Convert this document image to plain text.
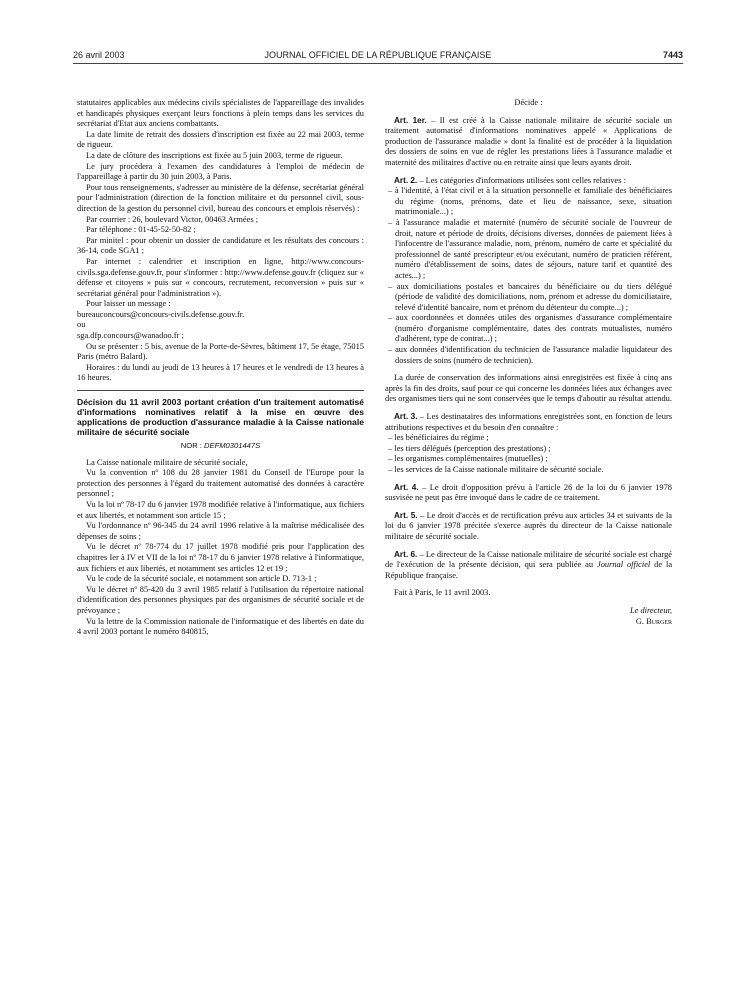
26 avril 2003	JOURNAL OFFICIEL DE LA RÉPUBLIQUE FRANÇAISE	7443

statutaires applicables aux médecins civils spécialistes de l'appareillage des invalides et handicapés physiques exerçant leurs fonctions à plein temps dans les services du secrétariat d'Etat aux anciens combattants.

La date limite de retrait des dossiers d'inscription est fixée au 22 mai 2003, terme de rigueur.

La date de clôture des inscriptions est fixée au 5 juin 2003, terme de rigueur.

Le jury procédera à l'examen des candidatures à l'emploi de médecin de l'appareillage à partir du 30 juin 2003, à Paris.

Pour tous renseignements, s'adresser au ministère de la défense, secrétariat général pour l'administration (direction de la fonction militaire et du personnel civil, sous-direction de la gestion du personnel civil, bureau des concours et emplois réservés) :

Par courrier : 26, boulevard Victor, 00463 Armées ;

Par téléphone : 01-45-52-50-82 ;

Par minitel : pour obtenir un dossier de candidature et les résultats des concours : 36-14, code SGA1 ;

Par internet : calendrier et inscription en ligne, http://www.concours-civils.sga.defense.gouv.fr, pour s'informer : http://www.defense.gouv.fr (cliquez sur « défense et citoyens » puis sur « concours, recrutement, reconversion » puis sur « secrétariat général pour l'administration »).

Pour laisser un message :

bureauconcours@concours-civils.defense.gouv.fr.

ou

sga.dfp.concours@wanadoo.fr ;

Ou se présenter : 5 bis, avenue de la Porte-de-Sèvres, bâtiment 17, 5e étage, 75015 Paris (métro Balard).

Horaires : du lundi au jeudi de 13 heures à 17 heures et le vendredi de 13 heures à 16 heures.

Décision du 11 avril 2003 portant création d'un traitement automatisé d'informations nominatives relatif à la mise en œuvre des applications de production d'assurance maladie à la Caisse nationale militaire de sécurité sociale

NOR : DEFM0301447S

La Caisse nationale militaire de sécurité sociale,

Vu la convention nº 108 du 28 janvier 1981 du Conseil de l'Europe pour la protection des personnes à l'égard du traitement automatisé des données à caractère personnel ;

Vu la loi nº 78-17 du 6 janvier 1978 modifiée relative à l'informatique, aux fichiers et aux libertés, et notamment son article 15 ;

Vu l'ordonnance nº 96-345 du 24 avril 1996 relative à la maîtrise médicalisée des dépenses de soins ;

Vu le décret nº 78-774 du 17 juillet 1978 modifié pris pour l'application des chapitres Ier à IV et VII de la loi nº 78-17 du 6 janvier 1978 relative à l'informatique, aux fichiers et aux libertés, et notamment ses articles 12 et 19 ;

Vu le code de la sécurité sociale, et notamment son article D. 713-1 ;

Vu le décret nº 85-420 du 3 avril 1985 relatif à l'utilisation du répertoire national d'identification des personnes physiques par des organismes de sécurité sociale et de prévoyance ;

Vu la lettre de la Commission nationale de l'informatique et des libertés en date du 4 avril 2003 portant le numéro 840815,

Décide :

Art. 1er. – Il est créé à la Caisse nationale militaire de sécurité sociale un traitement automatisé d'informations nominatives appelé « Applications de production de l'assurance maladie » dont la finalité est de procéder à la liquidation des dossiers de soins en vue de régler les prestations liées à l'assurance maladie et maternité des militaires d'active ou en retraite ainsi que leurs ayants droit.

Art. 2. – Les catégories d'informations utilisées sont celles relatives :

– à l'identité, à l'état civil et à la situation personnelle et familiale des bénéficiaires du régime (noms, prénoms, date et lieu de naissance, sexe, situation matrimoniale...) ;
– à l'assurance maladie et maternité (numéro de sécurité sociale de l'ouvreur de droit, nature et période de droits, décisions diverses, données de paiement liées à l'infocentre de l'assurance maladie, nom, prénom, numéro de carte et spécialité du professionnel de santé prescripteur et/ou exécutant, numéro de praticien référent, numéro d'établissement de soins, dates de séjours, nature tarif et quantité des actes...) ;
– aux domiciliations postales et bancaires du bénéficiaire ou du tiers délégué (période de validité des domiciliations, nom, prénom et adresse du domiciliataire, relevé d'identité bancaire, nom et prénom du détenteur du compte...) ;
– aux coordonnées et données utiles des organismes d'assurance complémentaire (numéro d'organisme complémentaire, dates des contrats mutualistes, numéro d'adhérent, type de contrat...) ;
– aux données d'identification du technicien de l'assurance maladie liquidateur des dossiers de soins (numéro de technicien).

La durée de conservation des informations ainsi enregistrées est fixée à cinq ans après la fin des droits, sauf pour ce qui concerne les données liées aux échanges avec des organismes tiers qui ne sont conservées que le temps d'aboutir au résultat attendu.

Art. 3. – Les destinataires des informations enregistrées sont, en fonction de leurs attributions respectives et du besoin d'en connaître :

– les bénéficiaires du régime ;
– les tiers délégués (perception des prestations) ;
– les organismes complémentaires (mutuelles) ;
– les services de la Caisse nationale militaire de sécurité sociale.

Art. 4. – Le droit d'opposition prévu à l'article 26 de la loi du 6 janvier 1978 susvisée ne peut pas être invoqué dans le cadre de ce traitement.

Art. 5. – Le droit d'accès et de rectification prévu aux articles 34 et suivants de la loi du 6 janvier 1978 précitée s'exerce auprès du directeur de la Caisse nationale militaire de sécurité sociale.

Art. 6. – Le directeur de la Caisse nationale militaire de sécurité sociale est chargé de l'exécution de la présente décision, qui sera publiée au Journal officiel de la République française.

Fait à Paris, le 11 avril 2003.

Le directeur,

G. Burger
